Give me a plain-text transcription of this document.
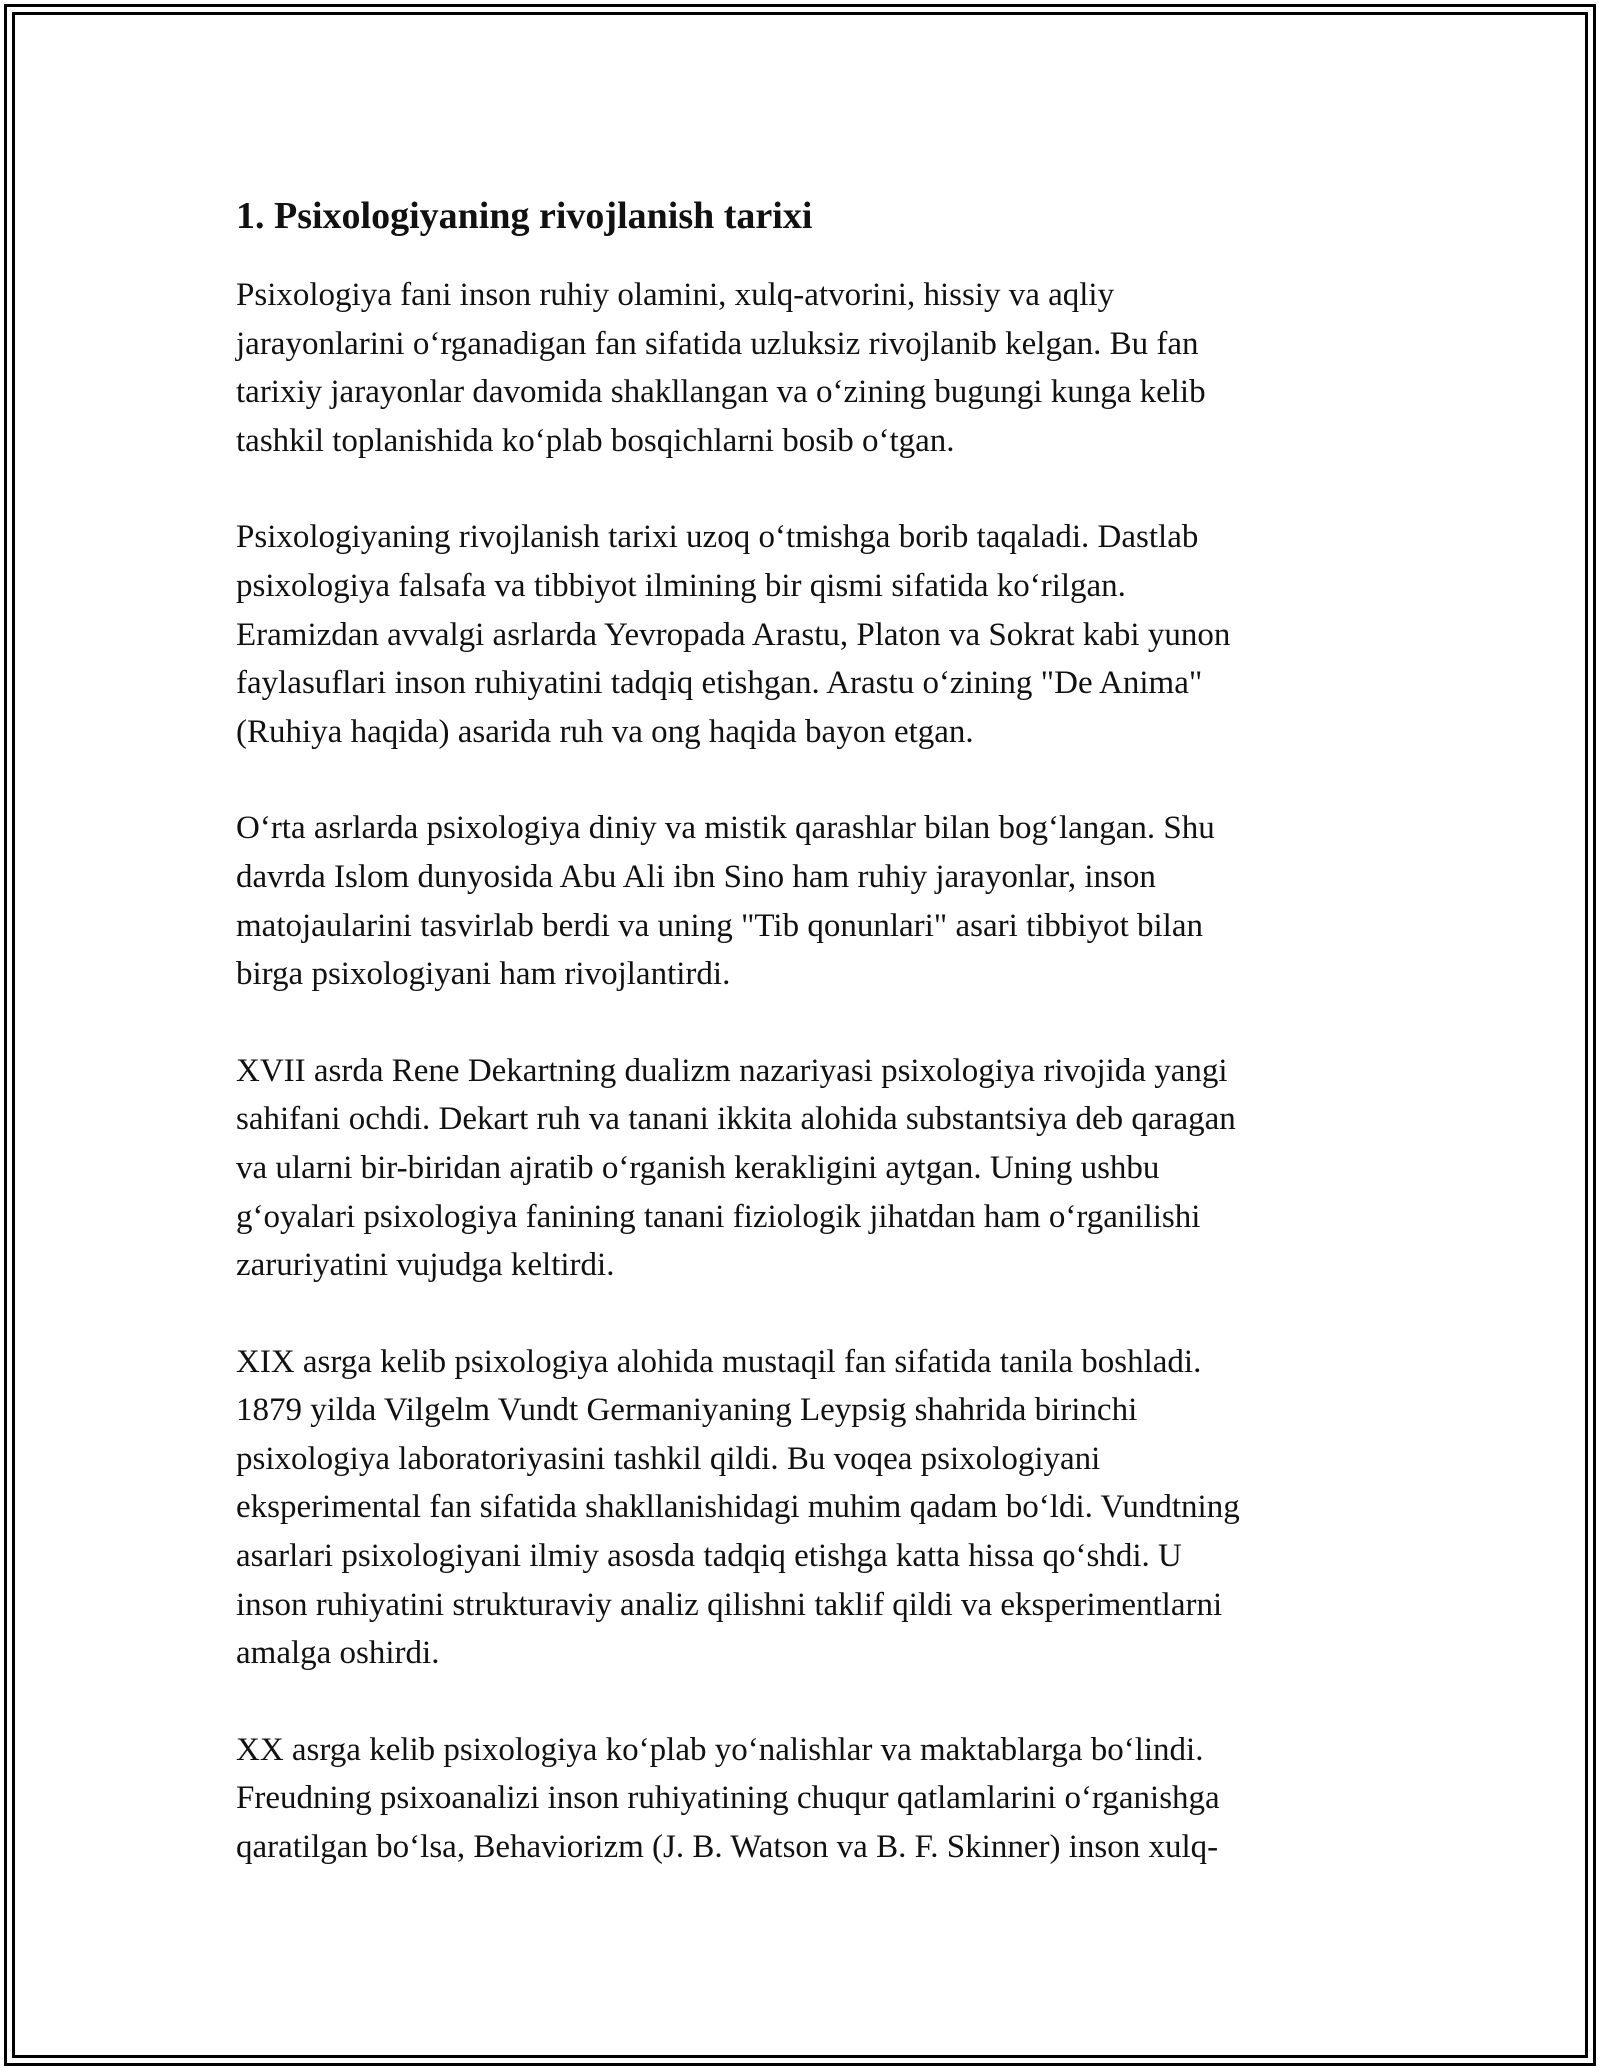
1. Psixologiyaning rivojlanish tarixi

Psixologiya fani inson ruhiy olamini, xulq-atvorini, hissiy va aqliy
jarayonlarini o‘rganadigan fan sifatida uzluksiz rivojlanib kelgan. Bu fan
tarixiy jarayonlar davomida shakllangan va o‘zining bugungi kunga kelib
tashkil toplanishida ko‘plab bosqichlarni bosib o‘tgan.

Psixologiyaning rivojlanish tarixi uzoq o‘tmishga borib taqaladi. Dastlab
psixologiya falsafa va tibbiyot ilmining bir qismi sifatida ko‘rilgan.
Eramizdan avvalgi asrlarda Yevropada Arastu, Platon va Sokrat kabi yunon
faylasuflari inson ruhiyatini tadqiq etishgan. Arastu o‘zining "De Anima"
(Ruhiya haqida) asarida ruh va ong haqida bayon etgan.

O‘rta asrlarda psixologiya diniy va mistik qarashlar bilan bog‘langan. Shu
davrda Islom dunyosida Abu Ali ibn Sino ham ruhiy jarayonlar, inson
matojaularini tasvirlab berdi va uning "Tib qonunlari" asari tibbiyot bilan
birga psixologiyani ham rivojlantirdi.

XVII asrda Rene Dekartning dualizm nazariyasi psixologiya rivojida yangi
sahifani ochdi. Dekart ruh va tanani ikkita alohida substantsiya deb qaragan
va ularni bir-biridan ajratib o‘rganish kerakligini aytgan. Uning ushbu
g‘oyalari psixologiya fanining tanani fiziologik jihatdan ham o‘rganilishi
zaruriyatini vujudga keltirdi.

XIX asrga kelib psixologiya alohida mustaqil fan sifatida tanila boshladi.
1879 yilda Vilgelm Vundt Germaniyaning Leypsig shahrida birinchi
psixologiya laboratoriyasini tashkil qildi. Bu voqea psixologiyani
eksperimental fan sifatida shakllanishidagi muhim qadam bo‘ldi. Vundtning
asarlari psixologiyani ilmiy asosda tadqiq etishga katta hissa qo‘shdi. U
inson ruhiyatini strukturaviy analiz qilishni taklif qildi va eksperimentlarni
amalga oshirdi.

XX asrga kelib psixologiya ko‘plab yo‘nalishlar va maktablarga bo‘lindi.
Freudning psixoanalizi inson ruhiyatining chuqur qatlamlarini o‘rganishga
qaratilgan bo‘lsa, Behaviorizm (J. B. Watson va B. F. Skinner) inson xulq-
